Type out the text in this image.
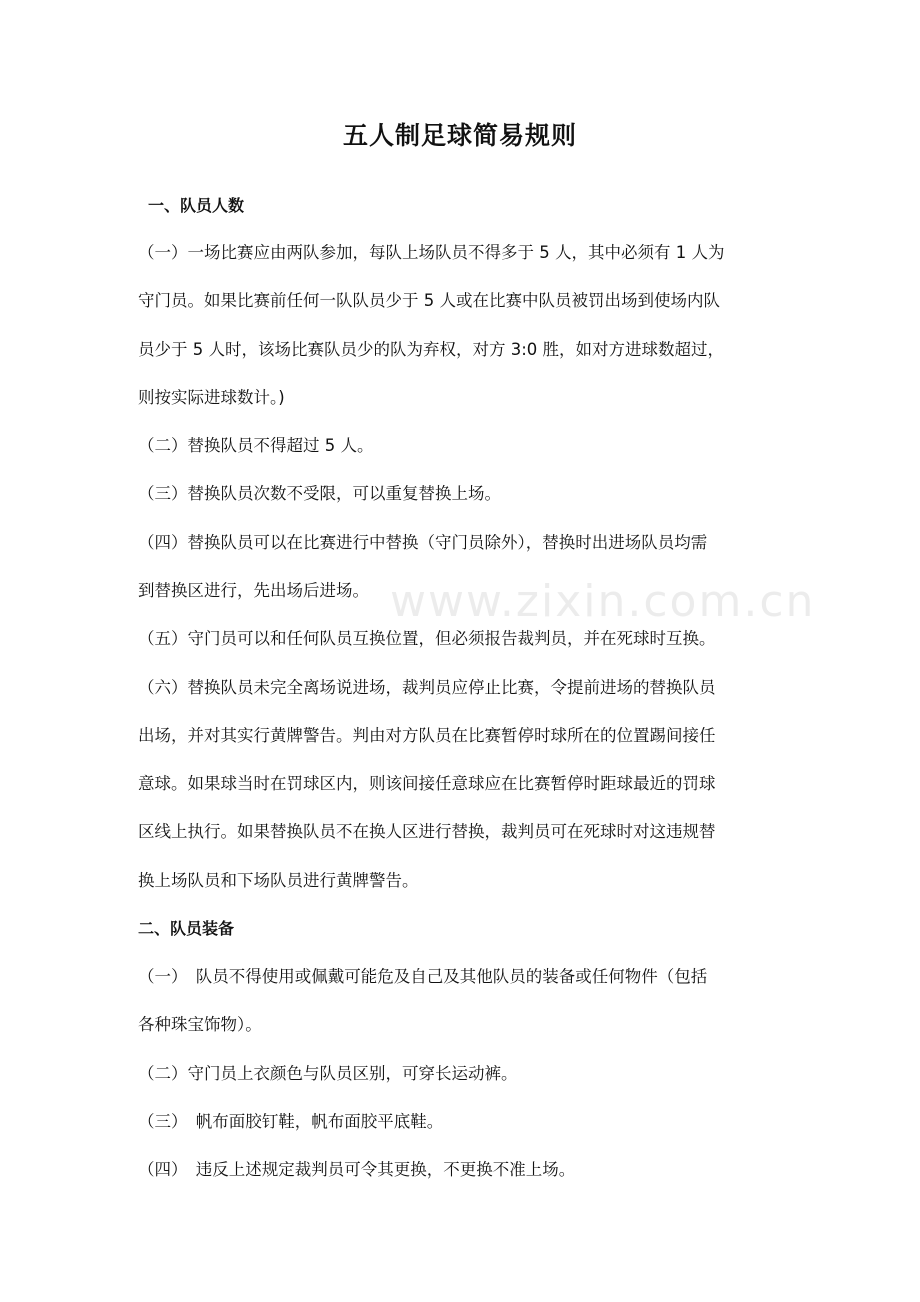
www.zixin.com.cn
五人制足球简易规则
一、队员人数
（一）一场比赛应由两队参加，每队上场队员不得多于 5 人，其中必须有 1 人为
守门员。如果比赛前任何一队队员少于 5 人或在比赛中队员被罚出场到使场内队
员少于 5 人时，该场比赛队员少的队为弃权，对方 3:0 胜，如对方进球数超过，
则按实际进球数计。)
（二）替换队员不得超过 5 人。
（三）替换队员次数不受限，可以重复替换上场。
（四）替换队员可以在比赛进行中替换（守门员除外），替换时出进场队员均需
到替换区进行，先出场后进场。
（五）守门员可以和任何队员互换位置，但必须报告裁判员，并在死球时互换。
（六）替换队员未完全离场说进场，裁判员应停止比赛，令提前进场的替换队员
出场，并对其实行黄牌警告。判由对方队员在比赛暂停时球所在的位置踢间接任
意球。如果球当时在罚球区内，则该间接任意球应在比赛暂停时距球最近的罚球
区线上执行。如果替换队员不在换人区进行替换，裁判员可在死球时对这违规替
换上场队员和下场队员进行黄牌警告。
二、队员装备
（一）　队员不得使用或佩戴可能危及自己及其他队员的装备或任何物件（包括
各种珠宝饰物）。
（二）守门员上衣颜色与队员区别，可穿长运动裤。
（三）　帆布面胶钉鞋，帆布面胶平底鞋。
（四）　违反上述规定裁判员可令其更换，不更换不准上场。
